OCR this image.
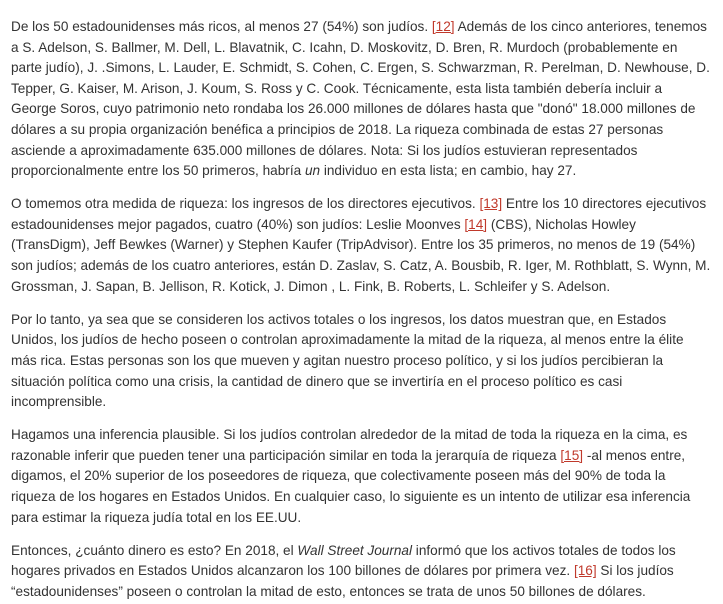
De los 50 estadounidenses más ricos, al menos 27 (54%) son judíos. [12] Además de los cinco anteriores, tenemos a S. Adelson, S. Ballmer, M. Dell, L. Blavatnik, C. Icahn, D. Moskovitz, D. Bren, R. Murdoch (probablemente en parte judío), J. .Simons, L. Lauder, E. Schmidt, S. Cohen, C. Ergen, S. Schwarzman, R. Perelman, D. Newhouse, D. Tepper, G. Kaiser, M. Arison, J. Koum, S. Ross y C. Cook. Técnicamente, esta lista también debería incluir a George Soros, cuyo patrimonio neto rondaba los 26.000 millones de dólares hasta que "donó" 18.000 millones de dólares a su propia organización benéfica a principios de 2018. La riqueza combinada de estas 27 personas asciende a aproximadamente 635.000 millones de dólares. Nota: Si los judíos estuvieran representados proporcionalmente entre los 50 primeros, habría un individuo en esta lista; en cambio, hay 27.

O tomemos otra medida de riqueza: los ingresos de los directores ejecutivos. [13] Entre los 10 directores ejecutivos estadounidenses mejor pagados, cuatro (40%) son judíos: Leslie Moonves [14] (CBS), Nicholas Howley (TransDigm), Jeff Bewkes (Warner) y Stephen Kaufer (TripAdvisor). Entre los 35 primeros, no menos de 19 (54%) son judíos; además de los cuatro anteriores, están D. Zaslav, S. Catz, A. Bousbib, R. Iger, M. Rothblatt, S. Wynn, M. Grossman, J. Sapan, B. Jellison, R. Kotick, J. Dimon , L. Fink, B. Roberts, L. Schleifer y S. Adelson.

Por lo tanto, ya sea que se consideren los activos totales o los ingresos, los datos muestran que, en Estados Unidos, los judíos de hecho poseen o controlan aproximadamente la mitad de la riqueza, al menos entre la élite más rica. Estas personas son los que mueven y agitan nuestro proceso político, y si los judíos percibieran la situación política como una crisis, la cantidad de dinero que se invertiría en el proceso político es casi incomprensible.

Hagamos una inferencia plausible. Si los judíos controlan alrededor de la mitad de toda la riqueza en la cima, es razonable inferir que pueden tener una participación similar en toda la jerarquía de riqueza [15] -al menos entre, digamos, el 20% superior de los poseedores de riqueza, que colectivamente poseen más del 90% de toda la riqueza de los hogares en Estados Unidos. En cualquier caso, lo siguiente es un intento de utilizar esa inferencia para estimar la riqueza judía total en los EE.UU.

Entonces, ¿cuánto dinero es esto? En 2018, el Wall Street Journal informó que los activos totales de todos los hogares privados en Estados Unidos alcanzaron los 100 billones de dólares por primera vez. [16] Si los judíos “estadounidenses” poseen o controlan la mitad de esto, entonces se trata de unos 50 billones de dólares.
